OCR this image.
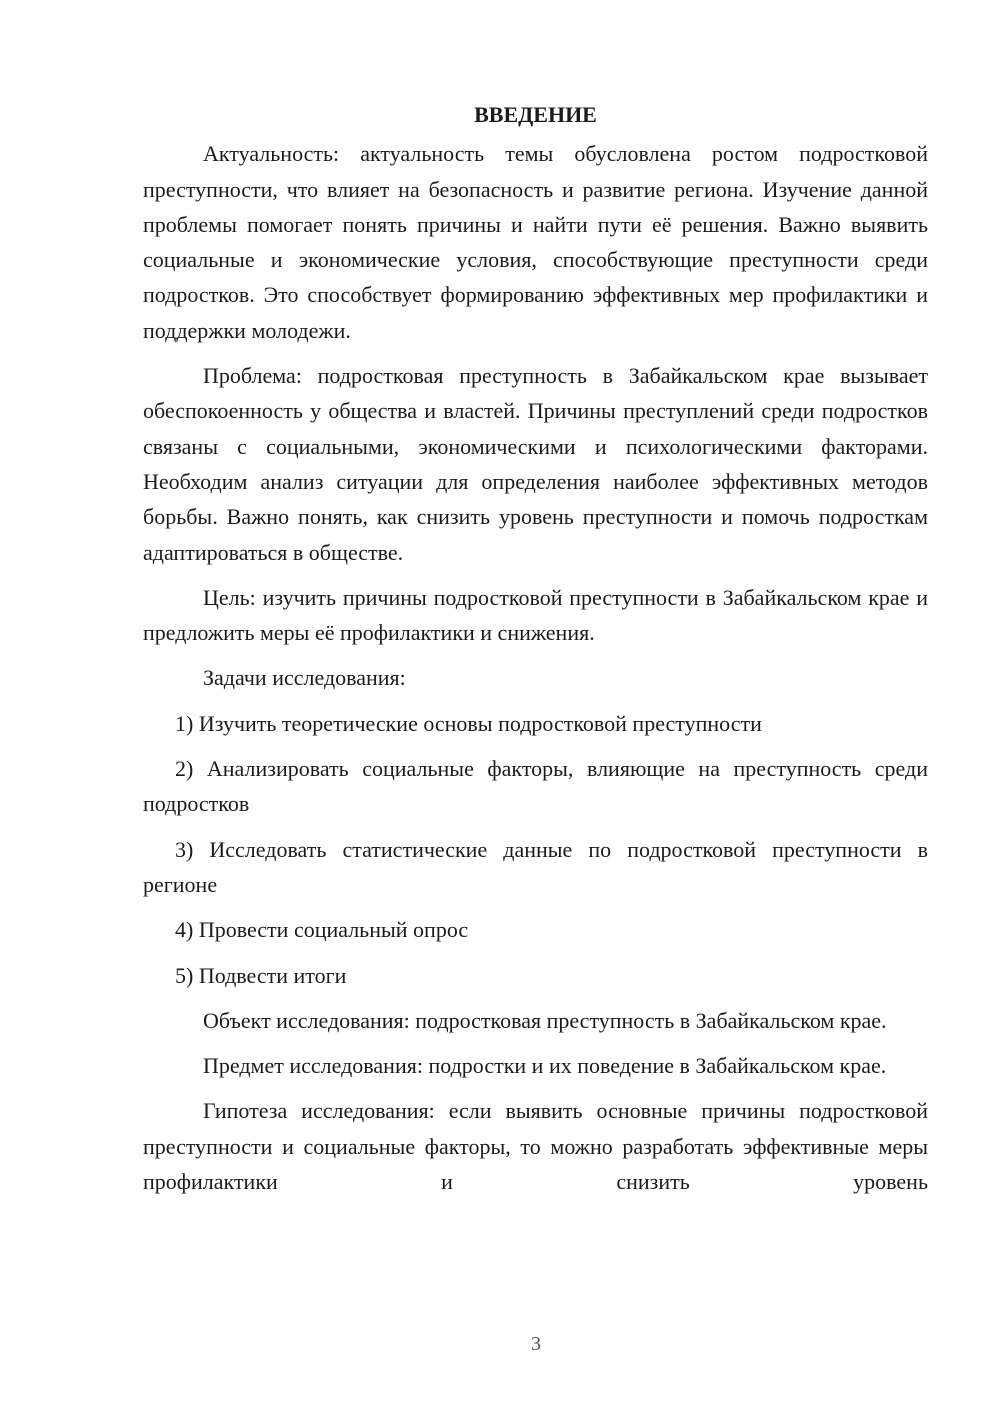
ВВЕДЕНИЕ

Актуальность: актуальность темы обусловлена ростом подростковой преступности, что влияет на безопасность и развитие региона. Изучение данной проблемы помогает понять причины и найти пути её решения. Важно выявить социальные и экономические условия, способствующие преступности среди подростков. Это способствует формированию эффективных мер профилактики и поддержки молодежи.

Проблема: подростковая преступность в Забайкальском крае вызывает обеспокоенность у общества и властей. Причины преступлений среди подростков связаны с социальными, экономическими и психологическими факторами. Необходим анализ ситуации для определения наиболее эффективных методов борьбы. Важно понять, как снизить уровень преступности и помочь подросткам адаптироваться в обществе.

Цель: изучить причины подростковой преступности в Забайкальском крае и предложить меры её профилактики и снижения.

Задачи исследования:

1) Изучить теоретические основы подростковой преступности

2) Анализировать социальные факторы, влияющие на преступность среди подростков

3) Исследовать статистические данные по подростковой преступности в регионе

4) Провести социальный опрос

5) Подвести итоги

Объект исследования: подростковая преступность в Забайкальском крае.

Предмет исследования: подростки и их поведение в Забайкальском крае.

Гипотеза исследования: если выявить основные причины подростковой преступности и социальные факторы, то можно разработать эффективные меры профилактики и снизить уровень

3
